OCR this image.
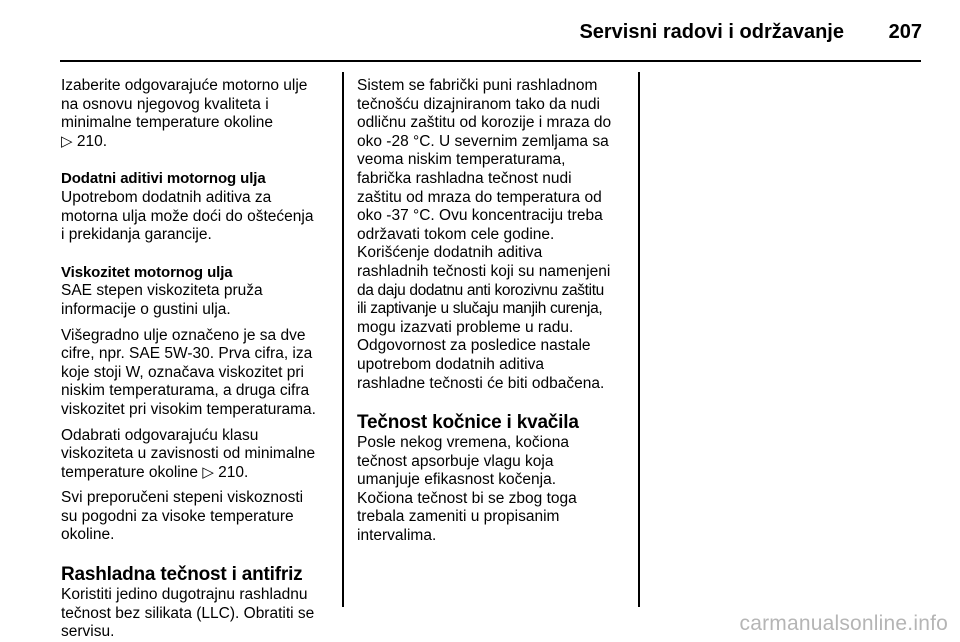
Servisni radovi i održavanje 207
Izaberite odgovarajuće motorno ulje
na osnovu njegovog kvaliteta i
minimalne temperature okoline
▷ 210.
Dodatni aditivi motornog ulja
Upotrebom dodatnih aditiva za
motorna ulja može doći do oštećenja
i prekidanja garancije.
Viskozitet motornog ulja
SAE stepen viskoziteta pruža
informacije o gustini ulja.
Višegradno ulje označeno je sa dve
cifre, npr. SAE 5W-30. Prva cifra, iza
koje stoji W, označava viskozitet pri
niskim temperaturama, a druga cifra
viskozitet pri visokim temperaturama.
Odabrati odgovarajuću klasu
viskoziteta u zavisnosti od minimalne
temperature okoline ▷ 210.
Svi preporučeni stepeni viskoznosti
su pogodni za visoke temperature
okoline.
Rashladna tečnost i antifriz
Koristiti jedino dugotrajnu rashladnu
tečnost bez silikata (LLC). Obratiti se
servisu.
Sistem se fabrički puni rashladnom
tečnošću dizajniranom tako da nudi
odličnu zaštitu od korozije i mraza do
oko -28 °C. U severnim zemljama sa
veoma niskim temperaturama,
fabrička rashladna tečnost nudi
zaštitu od mraza do temperatura od
oko -37 °C. Ovu koncentraciju treba
održavati tokom cele godine.
Korišćenje dodatnih aditiva
rashladnih tečnosti koji su namenjeni
da daju dodatnu anti korozivnu zaštitu
ili zaptivanje u slučaju manjih curenja,
mogu izazvati probleme u radu.
Odgovornost za posledice nastale
upotrebom dodatnih aditiva
rashladne tečnosti će biti odbačena.
Tečnost kočnice i kvačila
Posle nekog vremena, kočiona
tečnost apsorbuje vlagu koja
umanjuje efikasnost kočenja.
Kočiona tečnost bi se zbog toga
trebala zameniti u propisanim
intervalima.
carmanualsonline.info
